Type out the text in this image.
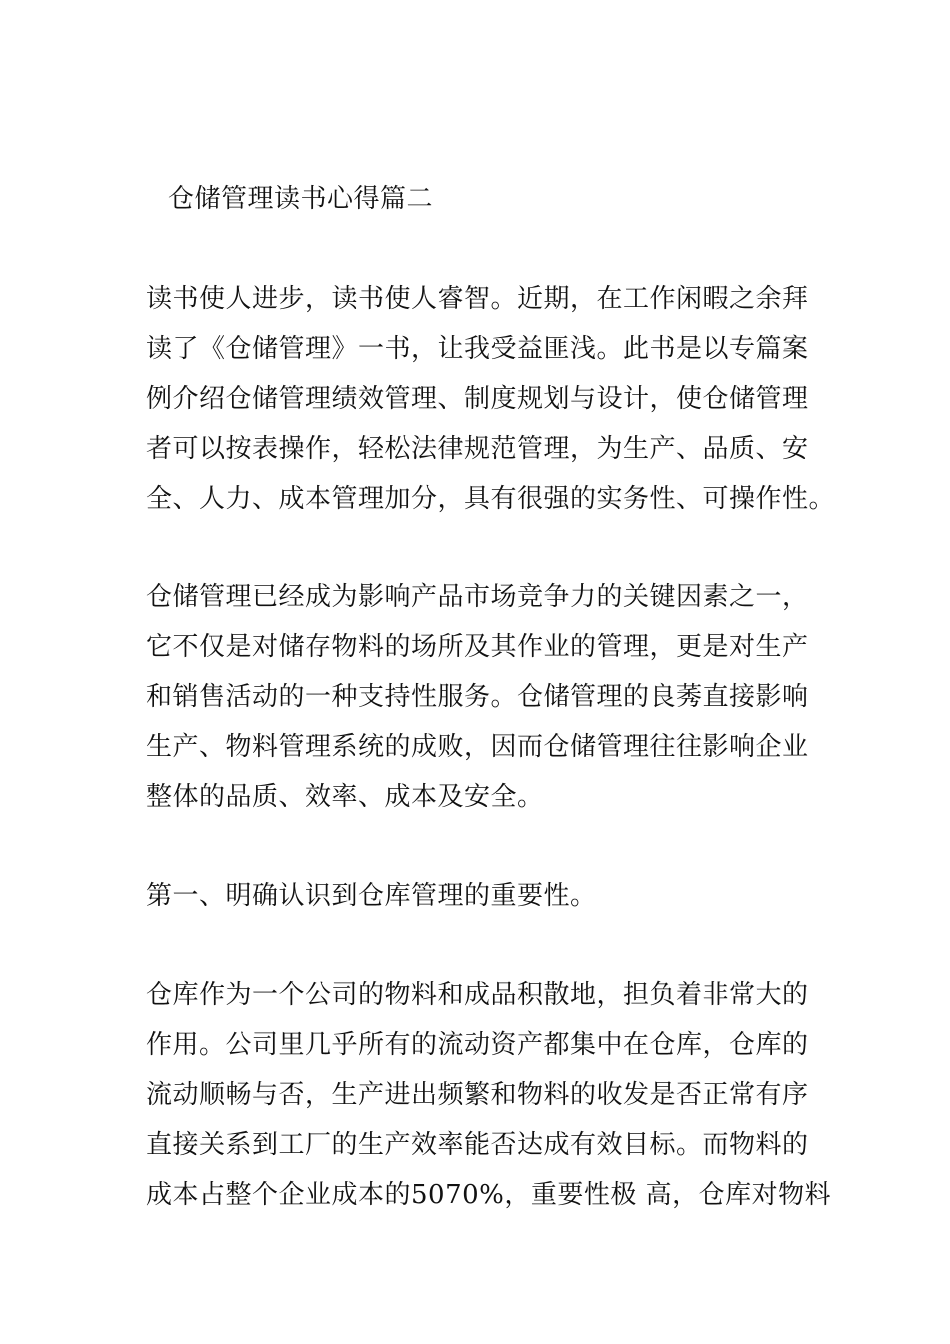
仓储管理读书心得篇二
读书使人进步，读书使人睿智。近期，在工作闲暇之余拜
读了《仓储管理》一书，让我受益匪浅。此书是以专篇案
例介绍仓储管理绩效管理、制度规划与设计，使仓储管理
者可以按表操作，轻松法律规范管理，为生产、品质、安
全、人力、成本管理加分，具有很强的实务性、可操作性。
仓储管理已经成为影响产品市场竞争力的关键因素之一，
它不仅是对储存物料的场所及其作业的管理，更是对生产
和销售活动的一种支持性服务。仓储管理的良莠直接影响
生产、物料管理系统的成败，因而仓储管理往往影响企业
整体的品质、效率、成本及安全。
第一、明确认识到仓库管理的重要性。
仓库作为一个公司的物料和成品积散地，担负着非常大的
作用。公司里几乎所有的流动资产都集中在仓库，仓库的
流动顺畅与否，生产进出频繁和物料的收发是否正常有序
直接关系到工厂的生产效率能否达成有效目标。而物料的
成本占整个企业成本的5070%，重要性极 高，仓库对物料
